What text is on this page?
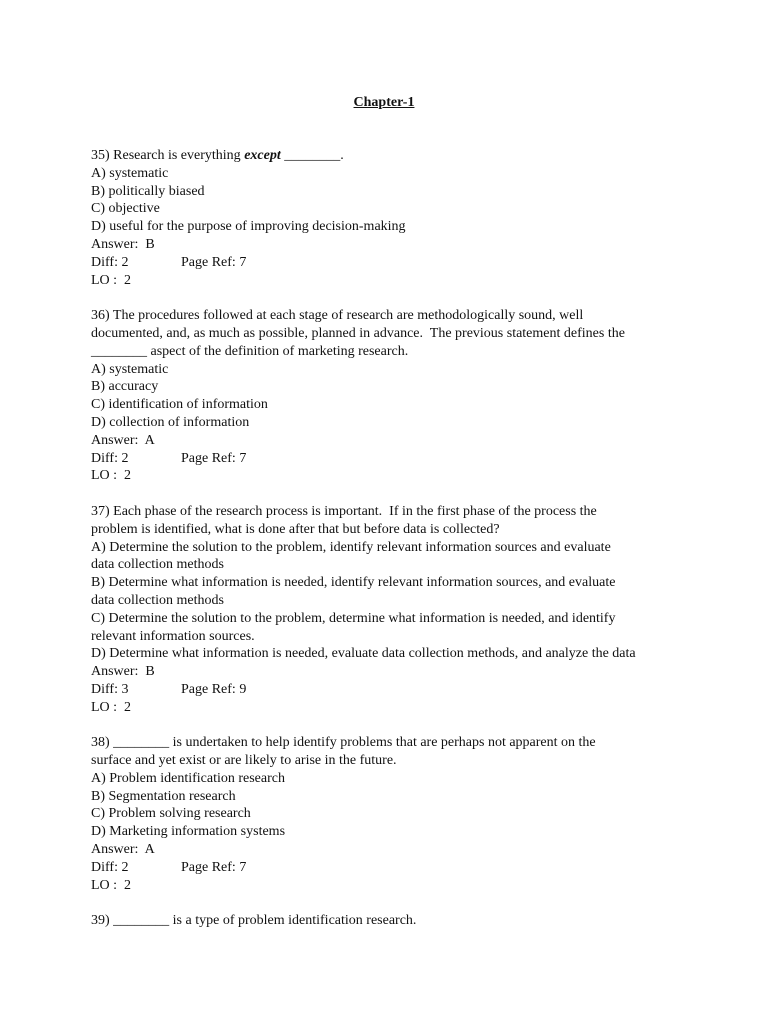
Chapter-1
35) Research is everything except ________.
A) systematic
B) politically biased
C) objective
D) useful for the purpose of improving decision-making
Answer:  B
Diff: 2	Page Ref: 7
LO :  2
36) The procedures followed at each stage of research are methodologically sound, well
documented, and, as much as possible, planned in advance.  The previous statement defines the
________ aspect of the definition of marketing research.
A) systematic
B) accuracy
C) identification of information
D) collection of information
Answer:  A
Diff: 2	Page Ref: 7
LO :  2
37) Each phase of the research process is important.  If in the first phase of the process the
problem is identified, what is done after that but before data is collected?
A) Determine the solution to the problem, identify relevant information sources and evaluate
data collection methods
B) Determine what information is needed, identify relevant information sources, and evaluate
data collection methods
C) Determine the solution to the problem, determine what information is needed, and identify
relevant information sources.
D) Determine what information is needed, evaluate data collection methods, and analyze the data
Answer:  B
Diff: 3	Page Ref: 9
LO :  2
38) ________ is undertaken to help identify problems that are perhaps not apparent on the
surface and yet exist or are likely to arise in the future.
A) Problem identification research
B) Segmentation research
C) Problem solving research
D) Marketing information systems
Answer:  A
Diff: 2	Page Ref: 7
LO :  2
39) ________ is a type of problem identification research.
